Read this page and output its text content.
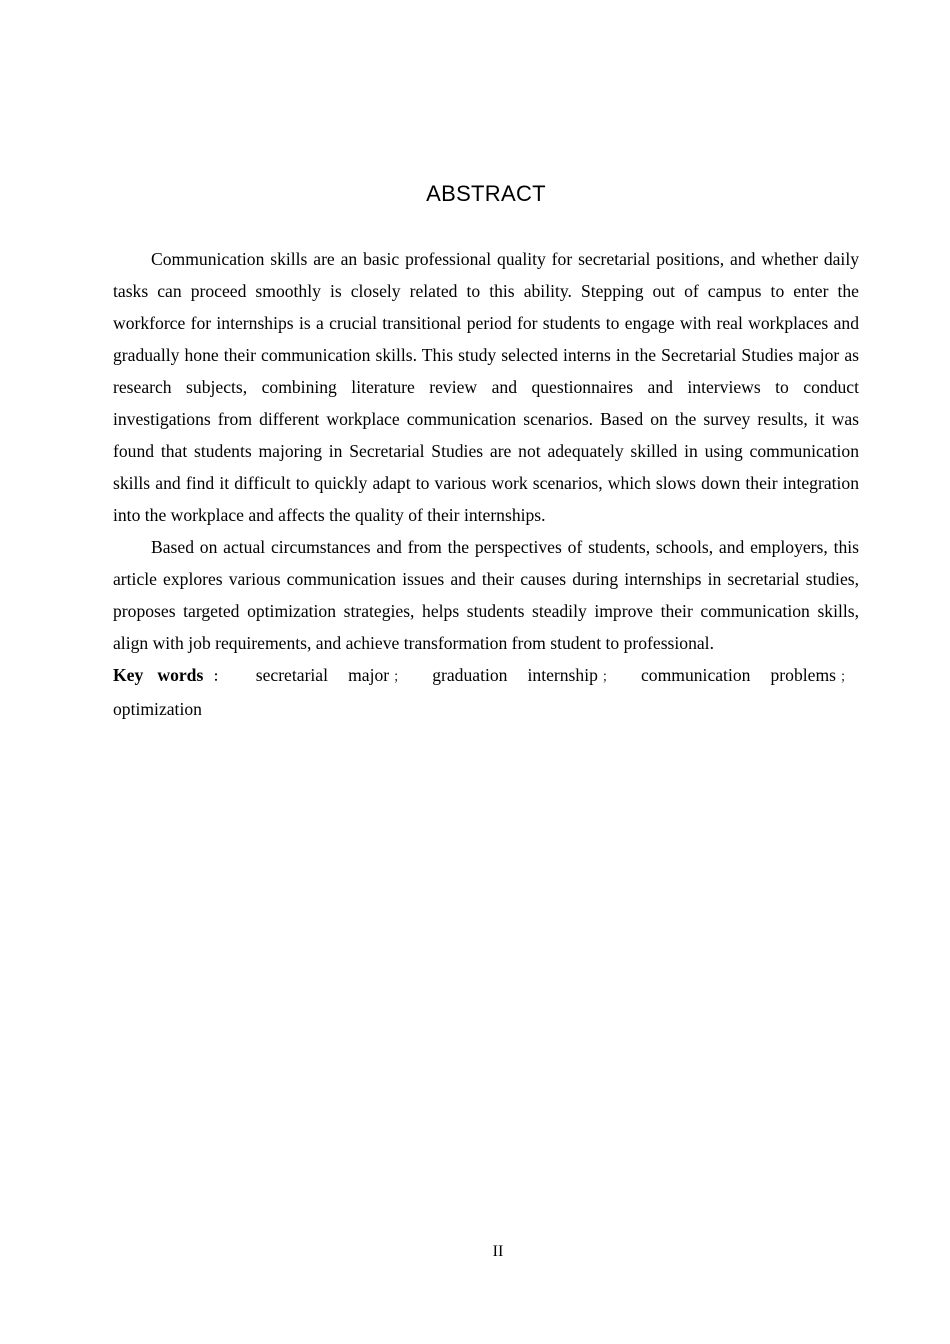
ABSTRACT

Communication skills are an basic professional quality for secretarial positions, and whether daily tasks can proceed smoothly is closely related to this ability. Stepping out of campus to enter the workforce for internships is a crucial transitional period for students to engage with real workplaces and gradually hone their communication skills. This study selected interns in the Secretarial Studies major as research subjects, combining literature review and questionnaires and interviews to conduct investigations from different workplace communication scenarios. Based on the survey results, it was found that students majoring in Secretarial Studies are not adequately skilled in using communication skills and find it difficult to quickly adapt to various work scenarios, which slows down their integration into the workplace and affects the quality of their internships.

Based on actual circumstances and from the perspectives of students, schools, and employers, this article explores various communication issues and their causes during internships in secretarial studies, proposes targeted optimization strategies, helps students steadily improve their communication skills, align with job requirements, and achieve transformation from student to professional.

Key words ： secretarial major ； graduation internship ； communication problems ； optimization

II
